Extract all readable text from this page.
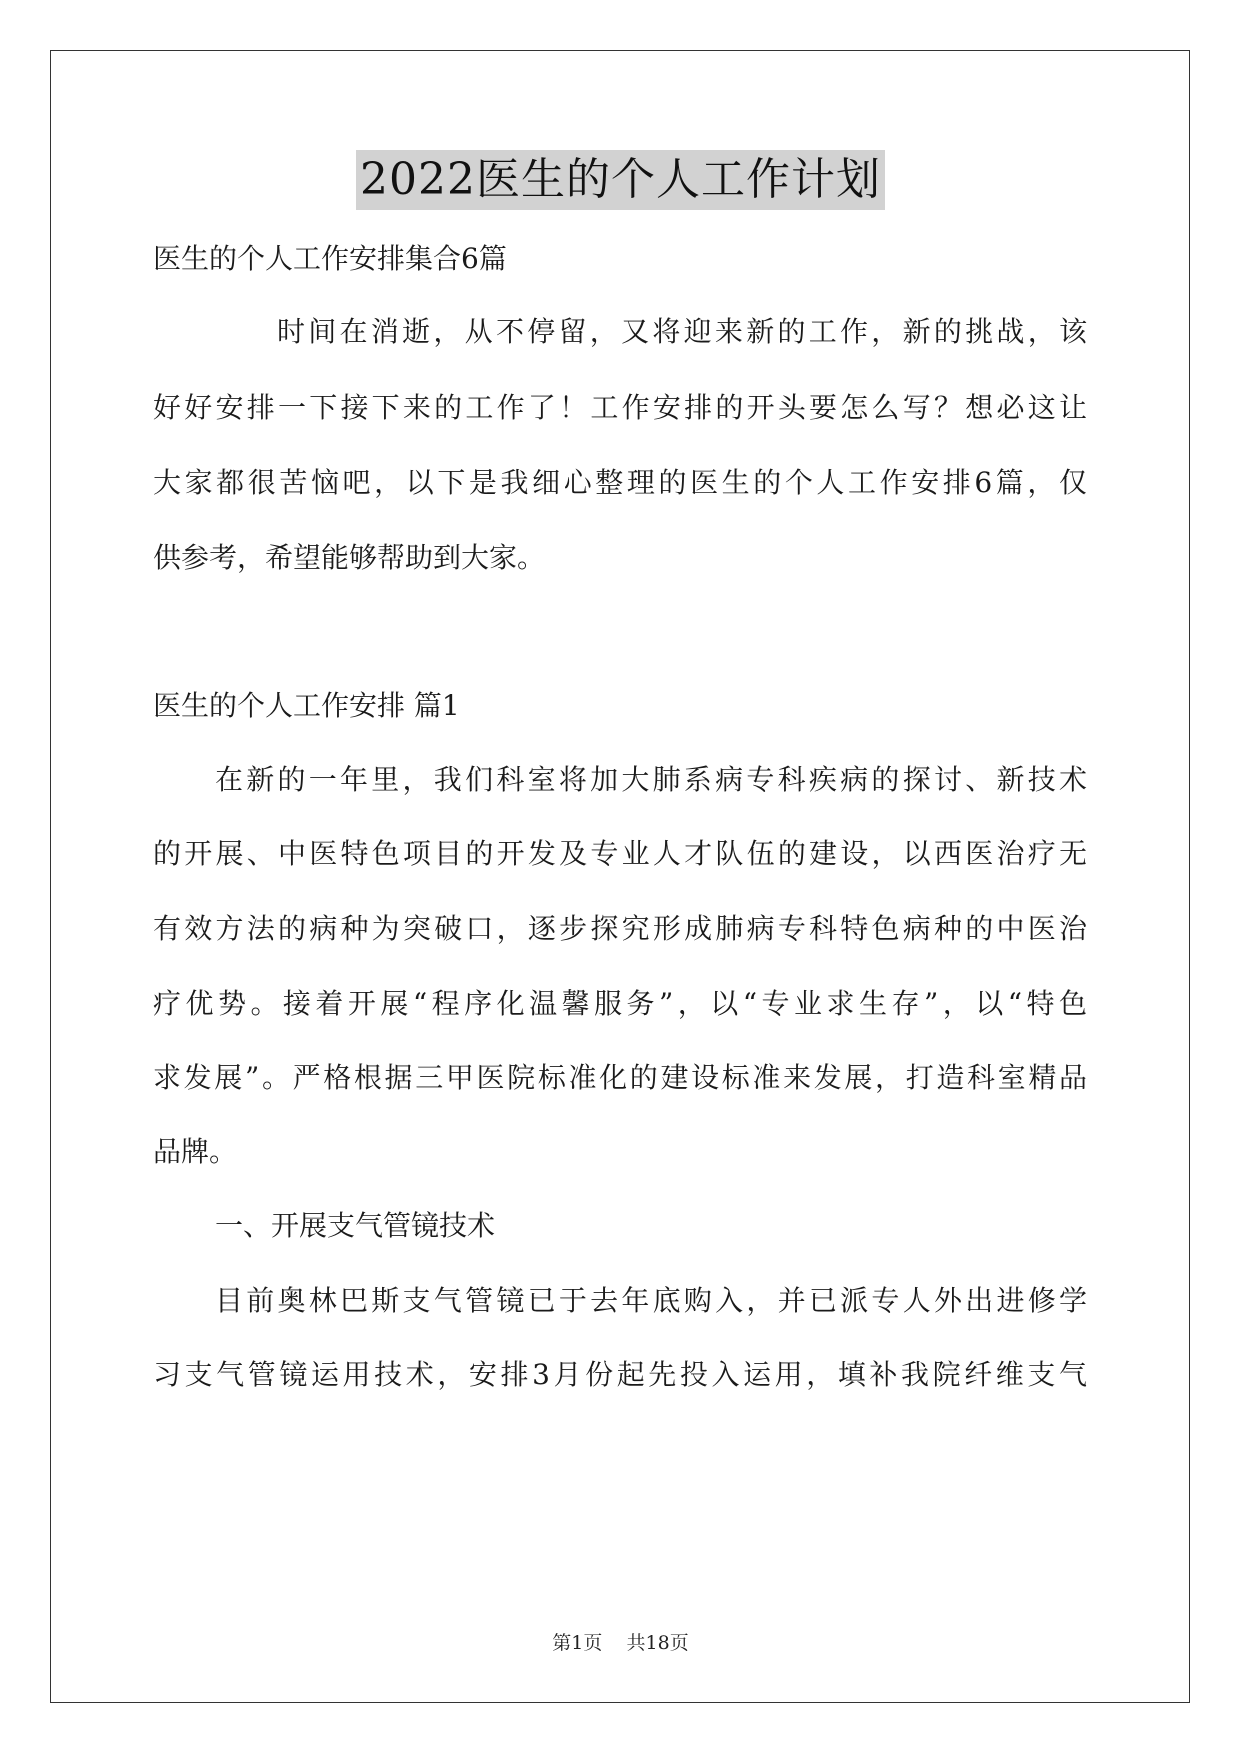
2022医生的个人工作计划
医生的个人工作安排集合6篇
时间在消逝，从不停留，又将迎来新的工作，新的挑战，该
好好安排一下接下来的工作了！工作安排的开头要怎么写？想必这让
大家都很苦恼吧，以下是我细心整理的医生的个人工作安排6篇，仅
供参考，希望能够帮助到大家。
医生的个人工作安排 篇1
在新的一年里，我们科室将加大肺系病专科疾病的探讨、新技术
的开展、中医特色项目的开发及专业人才队伍的建设，以西医治疗无
有效方法的病种为突破口，逐步探究形成肺病专科特色病种的中医治
疗优势。接着开展“程序化温馨服务”，以“专业求生存”，以“特色
求发展”。严格根据三甲医院标准化的建设标准来发展，打造科室精品
品牌。
一、开展支气管镜技术
目前奥林巴斯支气管镜已于去年底购入，并已派专人外出进修学
习支气管镜运用技术，安排3月份起先投入运用，填补我院纤维支气
第1页    共18页
